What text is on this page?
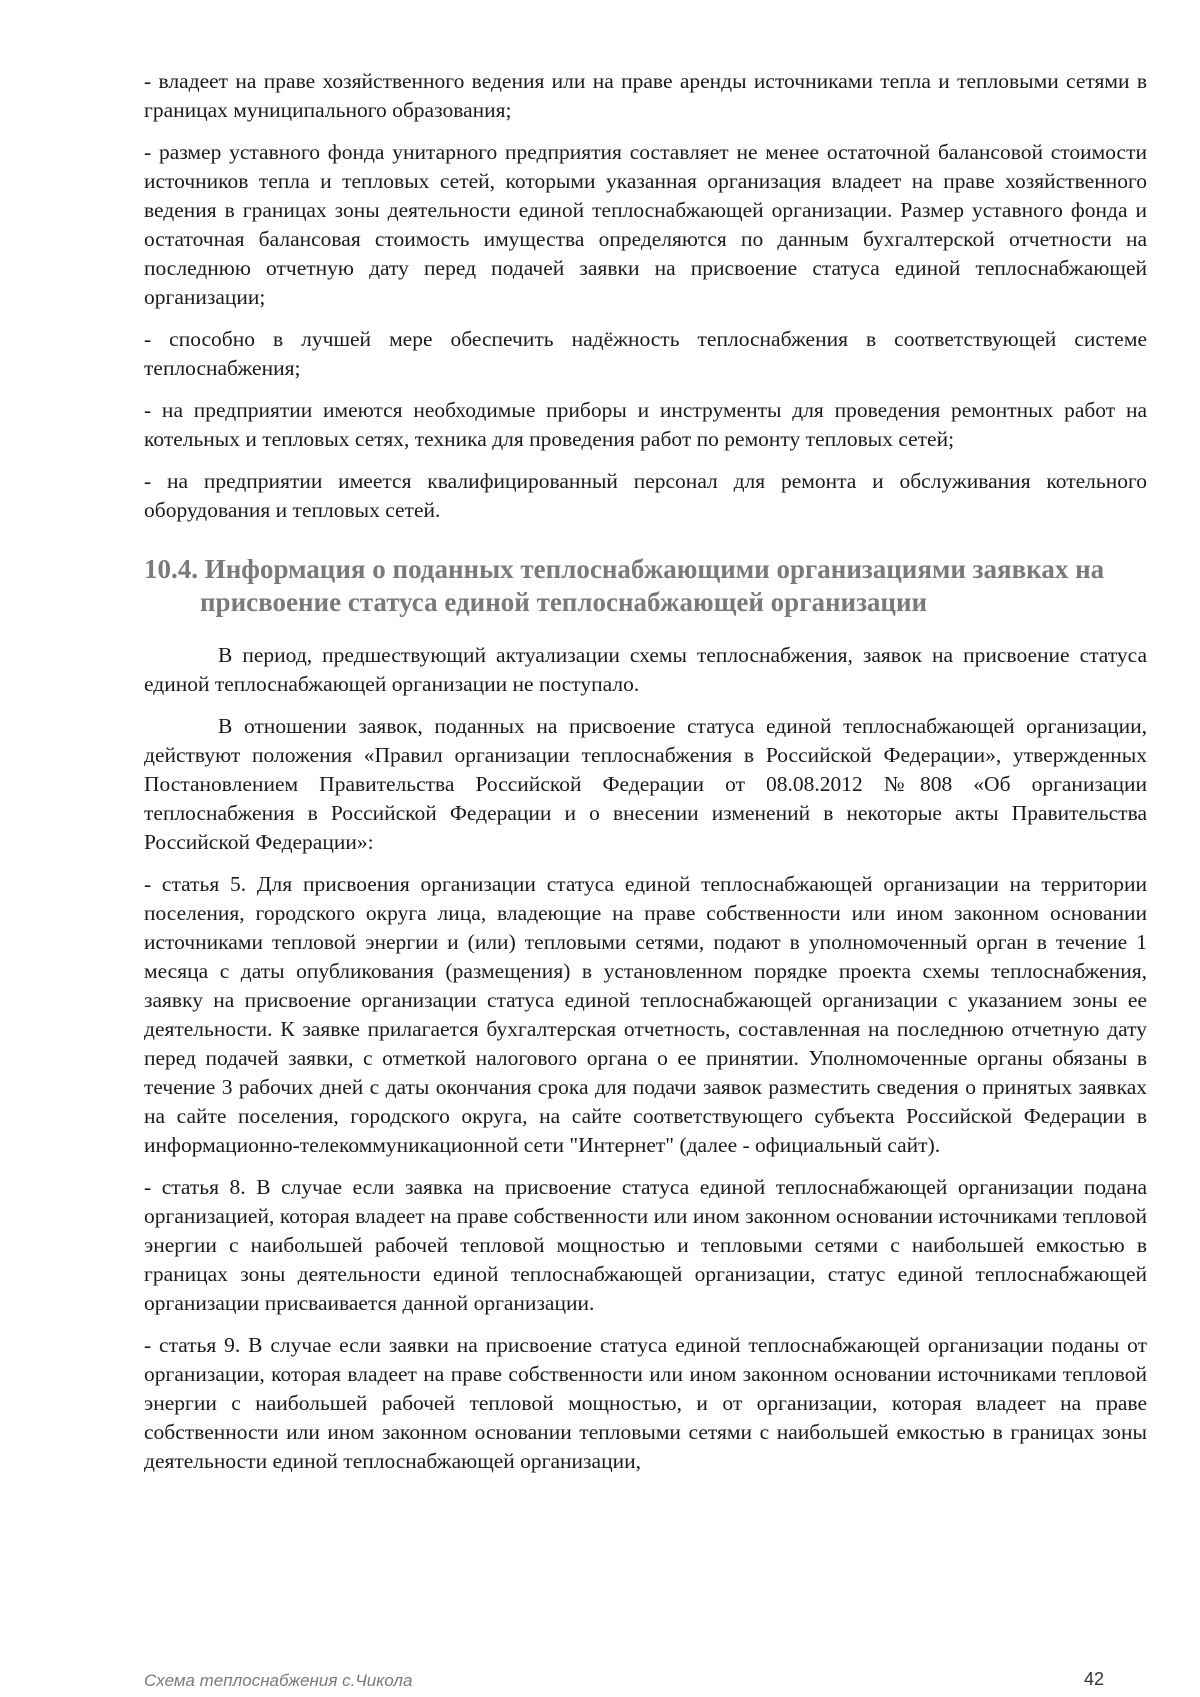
- владеет на праве хозяйственного ведения или на праве аренды источниками тепла и тепловыми сетями в границах муниципального образования;

- размер уставного фонда унитарного предприятия составляет не менее остаточной балансовой стоимости источников тепла и тепловых сетей, которыми указанная организация владеет на праве хозяйственного ведения в границах зоны деятельности единой теплоснабжающей организации. Размер уставного фонда и остаточная балансовая стоимость имущества определяются по данным бухгалтерской отчетности на последнюю отчетную дату перед подачей заявки на присвоение статуса единой теплоснабжающей организации;

- способно в лучшей мере обеспечить надёжность теплоснабжения в соответствующей системе теплоснабжения;

- на предприятии имеются необходимые приборы и инструменты для проведения ремонтных работ на котельных и тепловых сетях, техника для проведения работ по ремонту тепловых сетей;

- на предприятии имеется квалифицированный персонал для ремонта и обслуживания котельного оборудования и тепловых сетей.

10.4. Информация о поданных теплоснабжающими организациями заявках на присвоение статуса единой теплоснабжающей организации

В период, предшествующий актуализации схемы теплоснабжения, заявок на присвоение статуса единой теплоснабжающей организации не поступало.

В отношении заявок, поданных на присвоение статуса единой теплоснабжающей организации, действуют положения «Правил организации теплоснабжения в Российской Федерации», утвержденных Постановлением Правительства Российской Федерации от 08.08.2012 №808 «Об организации теплоснабжения в Российской Федерации и о внесении изменений в некоторые акты Правительства Российской Федерации»:

- статья 5. Для присвоения организации статуса единой теплоснабжающей организации на территории поселения, городского округа лица, владеющие на праве собственности или ином законном основании источниками тепловой энергии и (или) тепловыми сетями, подают в уполномоченный орган в течение 1 месяца с даты опубликования (размещения) в установленном порядке проекта схемы теплоснабжения, заявку на присвоение организации статуса единой теплоснабжающей организации с указанием зоны ее деятельности. К заявке прилагается бухгалтерская отчетность, составленная на последнюю отчетную дату перед подачей заявки, с отметкой налогового органа о ее принятии. Уполномоченные органы обязаны в течение 3 рабочих дней с даты окончания срока для подачи заявок разместить сведения о принятых заявках на сайте поселения, городского округа, на сайте соответствующего субъекта Российской Федерации в информационно-телекоммуникационной сети "Интернет" (далее - официальный сайт).

- статья 8. В случае если заявка на присвоение статуса единой теплоснабжающей организации подана организацией, которая владеет на праве собственности или ином законном основании источниками тепловой энергии с наибольшей рабочей тепловой мощностью и тепловыми сетями с наибольшей емкостью в границах зоны деятельности единой теплоснабжающей организации, статус единой теплоснабжающей организации присваивается данной организации.

- статья 9. В случае если заявки на присвоение статуса единой теплоснабжающей организации поданы от организации, которая владеет на праве собственности или ином законном основании источниками тепловой энергии с наибольшей рабочей тепловой мощностью, и от организации, которая владеет на праве собственности или ином законном основании тепловыми сетями с наибольшей емкостью в границах зоны деятельности единой теплоснабжающей организации,

Схема теплоснабжения с.Чикола	42
